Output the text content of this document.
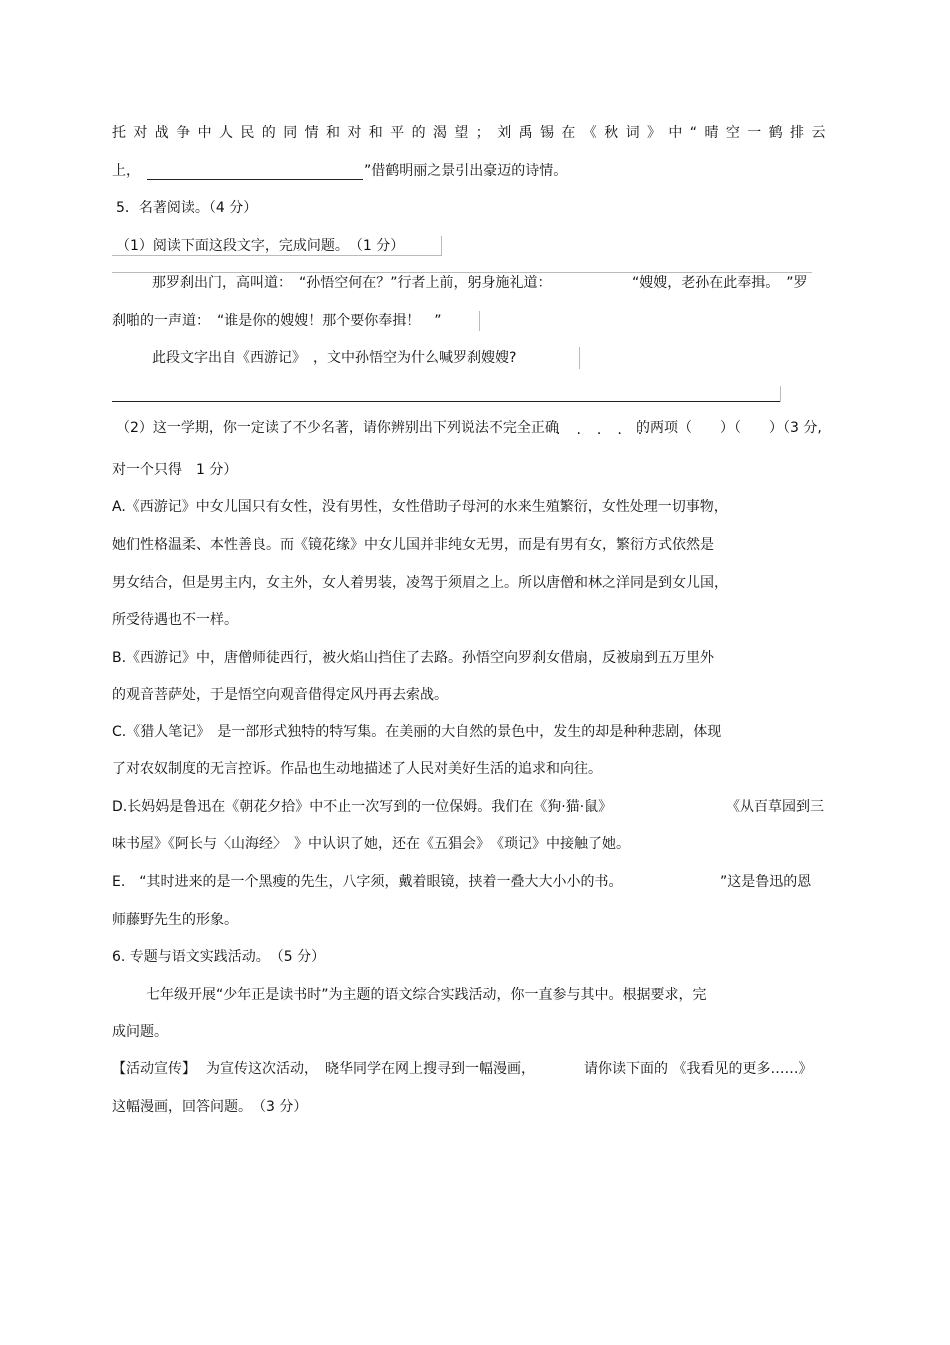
托对战争中人民的同情和对和平的渴望；刘禹锡在《秋词》中“晴空一鹤排云
上，	”借鹤明丽之景引出豪迈的诗情。
5．名著阅读。（4 分）
（1）阅读下面这段文字，完成问题。　（1 分）
那罗刹出门，高叫道：　“孙悟空何在？”行者上前，躬身施礼道：	“嫂嫂，老孙在此奉揖。　”罗
刹啪的一声道：　“谁是你的嫂嫂！那个要你奉揖！　”
此段文字出自《西游记》　，文中孙悟空为什么喊罗刹嫂嫂?
（2）这一学期，你一定读了不少名著，请你辨别出下列说法不完全正确
·····
的两项（　　）（　　）（3 分,
对一个只得　1 分）
A.《西游记》中女儿国只有女性，没有男性，女性借助子母河的水来生殖繁衍，女性处理一切事物，
她们性格温柔、本性善良。而《镜花缘》中女儿国并非纯女无男，而是有男有女，繁衍方式依然是
男女结合，但是男主内，女主外，女人着男装，凌驾于须眉之上。所以唐僧和林之洋同是到女儿国，
所受待遇也不一样。
B.《西游记》中，唐僧师徒西行，被火焰山挡住了去路。孙悟空向罗刹女借扇，反被扇到五万里外
的观音菩萨处，于是悟空向观音借得定风丹再去索战。
C.《猎人笔记》　是一部形式独特的特写集。在美丽的大自然的景色中，发生的却是种种悲剧，体现
了对农奴制度的无言控诉。作品也生动地描述了人民对美好生活的追求和向往。
D.长妈妈是鲁迅在《朝花夕拾》中不止一次写到的一位保姆。我们在《狗·猫·鼠》	《从百草园到三
味书屋》《阿长与〈山海经〉　》中认识了她，还在《五猖会》　《琐记》中接触了她。
E.　“其时进来的是一个黑瘦的先生，八字须，戴着眼镜，挟着一叠大大小小的书。	”这是鲁迅的恩
师藤野先生的形象。
6. 专题与语文实践活动。　（5 分）
七年级开展“少年正是读书时”为主题的语文综合实践活动，你一直参与其中。根据要求，完
成问题。
【活动宣传】 为宣传这次活动，　晓华同学在网上搜寻到一幅漫画，	请你读下面的 《我看见的更多……》
这幅漫画，回答问题。　（3 分）
